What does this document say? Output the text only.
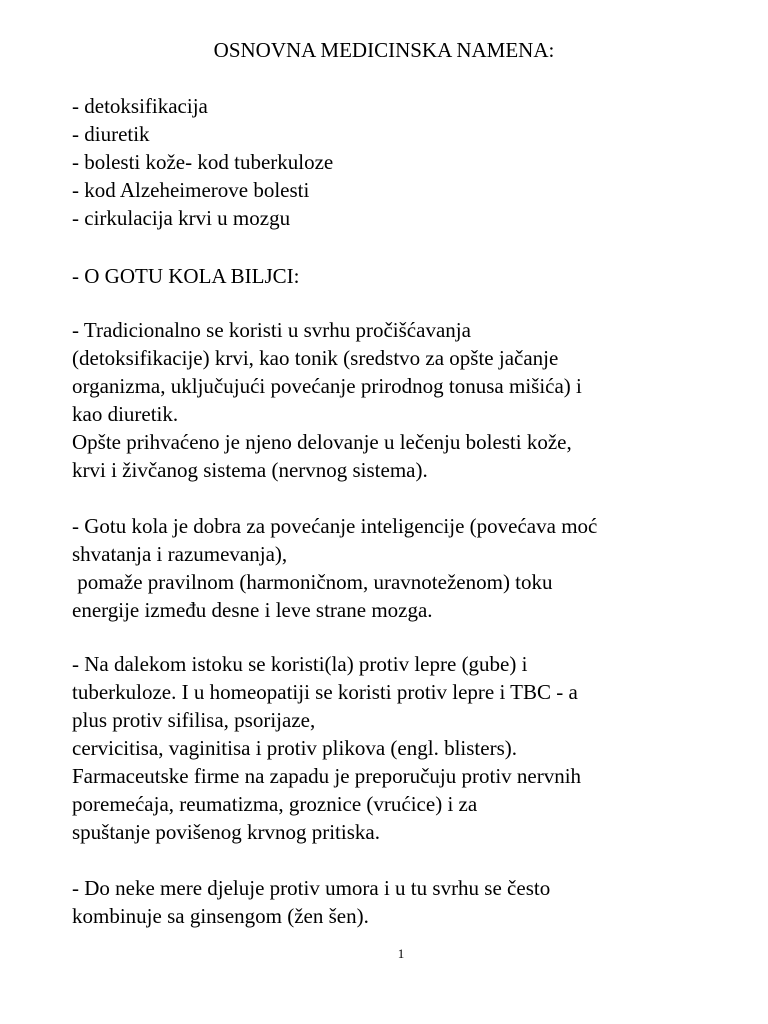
OSNOVNA MEDICINSKA NAMENA:
- detoksifikacija
- diuretik
- bolesti kože- kod tuberkuloze
- kod Alzeheimerove bolesti
- cirkulacija krvi u mozgu
- O GOTU KOLA BILJCI:
- Tradicionalno se koristi u svrhu pročišćavanja
(detoksifikacije) krvi, kao tonik (sredstvo za opšte jačanje
organizma, uključujući povećanje prirodnog tonusa mišića) i
kao diuretik.
Opšte prihvaćeno je njeno delovanje u lečenju bolesti kože,
krvi i živčanog sistema (nervnog sistema).
- Gotu kola je dobra za povećanje inteligencije (povećava moć
shvatanja i razumevanja),
pomaže pravilnom (harmoničnom, uravnoteženom) toku
energije između desne i leve strane mozga.
- Na dalekom istoku se koristi(la) protiv lepre (gube) i
tuberkuloze. I u homeopatiji se koristi protiv lepre i TBC - a
plus protiv sifilisa, psorijaze,
cervicitisa, vaginitisa i protiv plikova (engl. blisters).
Farmaceutske firme na zapadu je preporučuju protiv nervnih
poremećaja, reumatizma, groznice (vrućice) i za
spuštanje povišenog krvnog pritiska.
- Do neke mere djeluje protiv umora i u tu svrhu se često
kombinuje sa ginsengom (žen šen).
1
